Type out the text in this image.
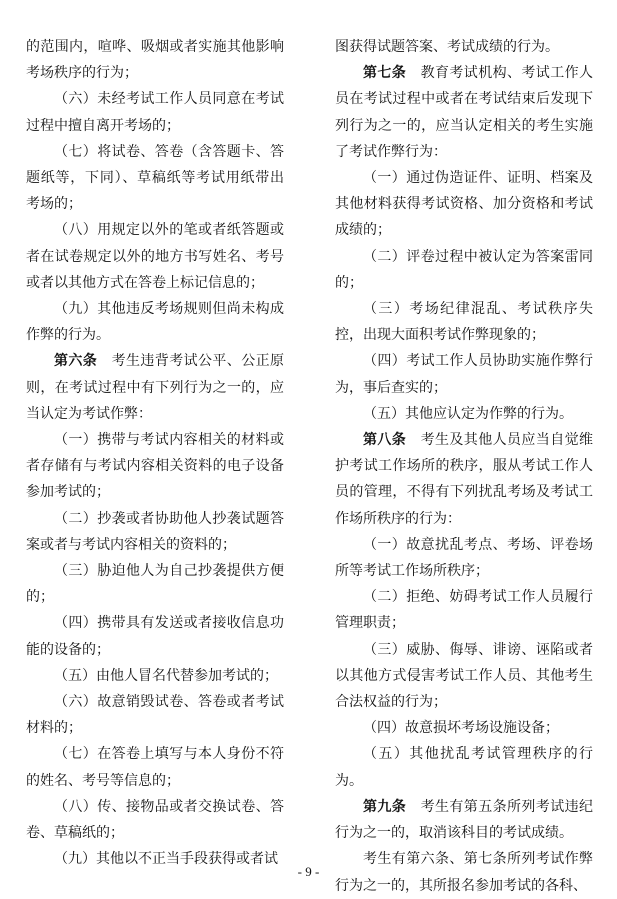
的范围内，喧哗、吸烟或者实施其他影响考场秩序的行为；

（六）未经考试工作人员同意在考试过程中擅自离开考场的；

（七）将试卷、答卷（含答题卡、答题纸等，下同）、草稿纸等考试用纸带出考场的；

（八）用规定以外的笔或者纸答题或者在试卷规定以外的地方书写姓名、考号或者以其他方式在答卷上标记信息的；

（九）其他违反考场规则但尚未构成作弊的行为。

第六条  考生违背考试公平、公正原则，在考试过程中有下列行为之一的，应当认定为考试作弊：

（一）携带与考试内容相关的材料或者存储有与考试内容相关资料的电子设备参加考试的；

（二）抄袭或者协助他人抄袭试题答案或者与考试内容相关的资料的；

（三）胁迫他人为自己抄袭提供方便的；

（四）携带具有发送或者接收信息功能的设备的；

（五）由他人冒名代替参加考试的；

（六）故意销毁试卷、答卷或者考试材料的；

（七）在答卷上填写与本人身份不符的姓名、考号等信息的；

（八）传、接物品或者交换试卷、答卷、草稿纸的；

（九）其他以不正当手段获得或者试

图获得试题答案、考试成绩的行为。

第七条  教育考试机构、考试工作人员在考试过程中或者在考试结束后发现下列行为之一的，应当认定相关的考生实施了考试作弊行为：

（一）通过伪造证件、证明、档案及其他材料获得考试资格、加分资格和考试成绩的；

（二）评卷过程中被认定为答案雷同的；

（三）考场纪律混乱、考试秩序失控，出现大面积考试作弊现象的；

（四）考试工作人员协助实施作弊行为，事后查实的；

（五）其他应认定为作弊的行为。

第八条  考生及其他人员应当自觉维护考试工作场所的秩序，服从考试工作人员的管理，不得有下列扰乱考场及考试工作场所秩序的行为：

（一）故意扰乱考点、考场、评卷场所等考试工作场所秩序；

（二）拒绝、妨碍考试工作人员履行管理职责；

（三）威胁、侮辱、诽谤、诬陷或者以其他方式侵害考试工作人员、其他考生合法权益的行为；

（四）故意损坏考场设施设备；

（五）其他扰乱考试管理秩序的行为。

第九条  考生有第五条所列考试违纪行为之一的，取消该科目的考试成绩。

考生有第六条、第七条所列考试作弊行为之一的，其所报名参加考试的各科、

- 9 -
